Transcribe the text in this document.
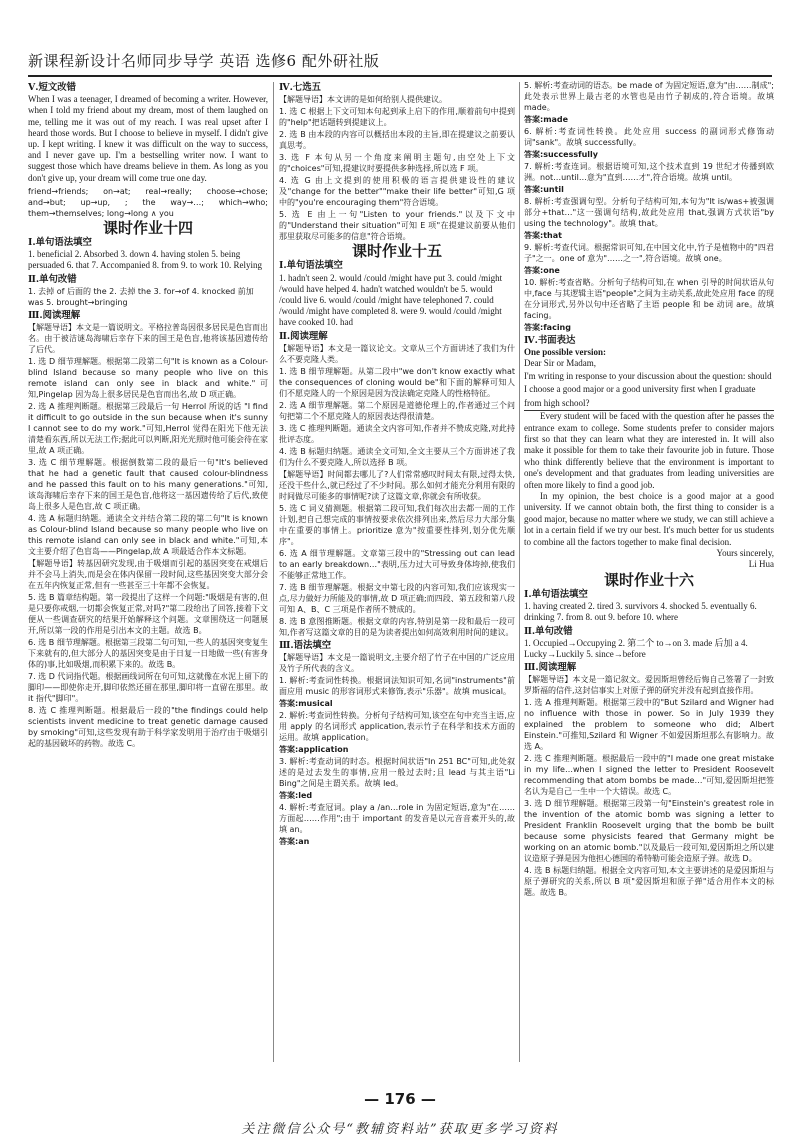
新课程新设计名师同步导学 英语 选修6 配外研社版
Ⅴ.短文改错
When I was a teenager, I dreamed of becoming a writer. However, when I told my friend about my dream, most of them laughed on me, telling me it was out of my reach. I was real upset after I heard those words. But I choose to believe in myself. I didn't give up. I kept writing. I knew it was difficult on the way to success, and I never gave up. I'm a bestselling writer now. I want to suggest those which have dreams believe in them. As long as you don't give up, your dream will come true one day.
friend→friends; on→at; real→really; choose→chose; and→but; up→up, ; the way→…; which→who; them→themselves; long→long ∧ you
课时作业十四
Ⅰ.单句语法填空
1. beneficial 2. Absorbed 3. down 4. having stolen 5. being persuaded 6. that 7. Accompanied 8. from 9. to work 10. Relying
Ⅱ.单句改错
1. 去掉 of 后面的 the 2. 去掉 the 3. for→of 4. knocked 前加 was 5. brought→bringing
Ⅲ.阅读理解
【解题导语】本文是一篇说明文。平格拉普岛因很多居民是色盲而出名。由于被洁谜岛海啸后幸存下来的国王是色盲,他将该基因遗传给了后代。
1. 选 D 细节理解题。根据第二段第二句"It is known as a Colour-blind Island because so many people who live on this remote island can only see in black and white."可知,Pingelap 因为岛上很多居民是色盲而出名,故 D 项正确。
2. 选 A 推理判断题。根据第三段最后一句 Herrol 所说的话 "I find it difficult to go outside in the sun because when it's sunny I cannot see to do my work."可知,Herrol 觉得在阳光下他无法清楚看东西,所以无法工作;据此可以判断,阳光光照时他可能会待在家里,故 A 项正确。
3. 选 C 细节理解题。根据倒数第二段的最后一句"It's believed that he had a genetic fault that caused colour-blindness and he passed this fault on to his many generations."可知,该岛海啸后幸存下来的国王是色盲,他将这一基因遗传给了后代,致使岛上很多人是色盲,故 C 项正确。
4. 选 A 标题归纳题。通读全文并结合第二段的第二句"It is known as Colour-blind Island because so many people who live on this remote island can only see in black and white."可知,本文主要介绍了色盲岛——Pingelap,故 A 项最适合作本文标题。
【解题导语】转基因研究发现,由于吸烟而引起的基因突变在戒烟后并不会马上消失,而是会在体内保留一段时间,这些基因突变大部分会在五年内恢复正常,但有一些甚至三十年都不会恢复。
5. 选 B 篇章结构题。第一段提出了这样一个问题:"吸烟是有害的,但是只要你戒烟,一切都会恢复正常,对吗?"第二段给出了回答,接着下文便从一些调查研究的结果开始解释这个问题。文章围绕这一问题展开,所以第一段的作用是引出本文的主题。故选 B。
6. 选 B 细节理解题。根据第三段第二句可知,一些人的基因突变复生下来就有的,但大部分人的基因突变是由于日复一日地做一些(有害身体的)事,比如吸烟,而积累下来的。故选 B。
7. 选 D 代词指代题。根据画线词所在句可知,这就像在水泥上留下的脚印——即使你走开,脚印依然还留在那里,脚印将一直留在那里。故 it 指代"脚印"。
8. 选 C 推理判断题。根据最后一段的"the findings could help scientists invent medicine to treat genetic damage caused by smoking"可知,这些发现有助于科学家发明用于治疗由于吸烟引起的基因破坏的药物。故选 C。
Ⅳ.七选五
【解题导语】本文讲的是如何给别人提供建议。
1. 选 C 根据上下文可知本句起到承上启下的作用,顺着前句中提到的"help"把话题转到提建议上。
2. 选 B 由本段的内容可以概括出本段的主旨,即在提建议之前要认真思考。
3. 选 F 本句从另一个角度来阐明主题句,由空处上下文的"choices"可知,提建议时要提供多种选择,所以选 F 项。
4. 选 G 由上文提到的使用积极的语言提供建设性的建议及"change for the better""make their life better"可知,G 项中的"you're encouraging them"符合语境。
5. 选 E 由上一句"Listen to your friends."以及下文中的"Understand their situation"可知 E 项"在提建议前要从他们那里获取尽可能多的信息"符合语境。
课时作业十五
Ⅰ.单句语法填空
1. hadn't seen 2. would /could /might have put 3. could /might /would have helped 4. hadn't watched wouldn't be 5. would /could live 6. would /could /might have telephoned 7. could /would /might have completed 8. were 9. would /could /might have cooked 10. had
Ⅱ.阅读理解
【解题导语】本文是一篇议论文。文章从三个方面讲述了我们为什么不要克隆人类。
1. 选 B 细节理解题。从第二段中"we don't know exactly what the consequences of cloning would be"和下面的解释可知人们不愿克隆人的一个原因是因为没法确定克隆人的性格特征。
2. 选 A 细节理解题。第二个原因是道德伦理上的,作者通过三个问句把第二个不愿克隆人的原因表达得很清楚。
3. 选 C 推理判断题。通读全文内容可知,作者并不赞成克隆,对此持批评态度。
4. 选 B 标题归纳题。通读全文可知,全文主要从三个方面讲述了我们为什么不要克隆人,所以选择 B 项。
【解题导语】时间都去哪儿了?人们常常感叹时间太有限,过得太快,还没干些什么,就已经过了不少时间。那么如何才能充分利用有限的时间做尽可能多的事情呢?读了这篇文章,你就会有所收获。
5. 选 C 词义猜测题。根据第二段可知,我们每次出去都一周的工作计划,把自己想完成的事情按要求依次排列出来,然后尽力大部分集中在重要的事情上。prioritize 意为"按重要性排列,划分优先顺序"。
6. 选 A 细节理解题。文章第三段中的"Stressing out can lead to an early breakdown…"表明,压力过大可导致身体垮掉,使我们不能够正常地工作。
7. 选 B 细节理解题。根据文中第七段的内容可知,我们应该现实一点,尽力做好力所能及的事情,故 D 项正确;而四段、第五段和第八段可知 A、B、C 三项是作者所不赞成的。
8. 选 B 意图推断题。根据文章的内容,特别是第一段和最后一段可知,作者写这篇文章的目的是为读者提出如何高效利用时间的建议。
Ⅲ.语法填空
【解题导语】本文是一篇说明文,主要介绍了竹子在中国的广泛应用及竹子所代表的含义。
1. 解析:考查词性转换。根据词法知识可知,名词"instruments"前面应用 music 的形容词形式来修饰,表示"乐器"。故填 musical。
答案:musical
2. 解析:考查词性转换。分析句子结构可知,该空在句中充当主语,应用 apply 的名词形式 application,表示竹子在科学和技术方面的运用。故填 application。
答案:application
3. 解析:考查动词的时态。根据时间状语"In 251 BC"可知,此处叙述的是过去发生的事情,应用一般过去时;且 lead 与其主语"Li Bing"之间是主谓关系。故填 led。
答案:led
4. 解析:考查冠词。play a /an…role in 为固定短语,意为"在……方面起……作用";由于 important 的发音是以元音音素开头的,故填 an。
答案:an
5. 解析:考查动词的语态。be made of 为固定短语,意为"由……制成";此处表示世界上最古老的水管也是由竹子制成的,符合语境。故填 made。
答案:made
6. 解析:考查词性转换。此处应用 success 的副词形式修饰动词"sank"。故填 successfully。
答案:successfully
7. 解析:考查连词。根据语境可知,这个技术直到 19 世纪才传播到欧洲。not…until…意为"直到……才",符合语境。故填 until。
答案:until
8. 解析:考查强调句型。分析句子结构可知,本句为"It is/was+被强调部分+that…"这一强调句结构,故此处应用 that,强调方式状语"by using the technology"。故填 that。
答案:that
9. 解析:考查代词。根据常识可知,在中国文化中,竹子是植物中的"四君子"之一。one of 意为"……之一",符合语境。故填 one。
答案:one
10. 解析:考查省略。分析句子结构可知,在 when 引导的时间状语从句中,face 与其逻辑主语"people"之间为主动关系,故此处应用 face 的现在分词形式,另外以句中还省略了主语 people 和 be 动词 are。故填 facing。
答案:facing
Ⅳ.书面表达
One possible version:
Dear Sir or Madam,
I'm writing in response to your discussion about the question: should I choose a good major or a good university first when I graduate from high school?
Every student will be faced with the question after he passes the entrance exam to college. Some students prefer to consider majors first so that they can learn what they are interested in. It will also make it possible for them to take their favourite job in future. Those who think differently believe that the environment is important to one's development and that graduates from leading universities are often more likely to find a good job.
In my opinion, the best choice is a good major at a good university. If we cannot obtain both, the first thing to consider is a good major, because no matter where we study, we can still achieve a lot in a certain field if we try our best. It's much better for us students to combine all the factors together to make final decision.
Yours sincerely,
Li Hua
课时作业十六
Ⅰ.单句语法填空
1. having created 2. tired 3. survivors 4. shocked 5. eventually 6. drinking 7. from 8. out 9. before 10. where
Ⅱ.单句改错
1. Occupied→Occupying 2. 第二个 to→on 3. made 后加 a 4. Lucky→Luckily 5. since→before
Ⅲ.阅读理解
【解题导语】本文是一篇记叙文。爱因斯坦曾经后悔自己签署了一封致罗斯福的信件,这封信事实上对原子弹的研究并没有起到直接作用。
1. 选 A 推理判断题。根据第三段中的"But Szilard and Wigner had no influence with those in power. So in July 1939 they explained the problem to someone who did; Albert Einstein."可推知,Szilard 和 Wigner 不如爱因斯坦那么有影响力。故选 A。
2. 选 C 推理判断题。根据最后一段中的"I made one great mistake in my life…when I signed the letter to President Roosevelt recommending that atom bombs be made…"可知,爱因斯坦把签名认为是自己一生中一个大错误。故选 C。
3. 选 D 细节理解题。根据第三段第一句"Einstein's greatest role in the invention of the atomic bomb was signing a letter to President Franklin Roosevelt urging that the bomb be built because some physicists feared that Germany might be working on an atomic bomb."以及最后一段可知,爱因斯坦之所以建议造原子弹是因为他担心德国的希特勒可能会造原子弹。故选 D。
4. 选 B 标题归纳题。根据全文内容可知,本文主要讲述的是爱因斯坦与原子弹研究的关系,所以 B 项"爱因斯坦和原子弹"适合用作本文的标题。故选 B。
— 176 —
关注微信公众号“教辅资料站”获取更多学习资料
